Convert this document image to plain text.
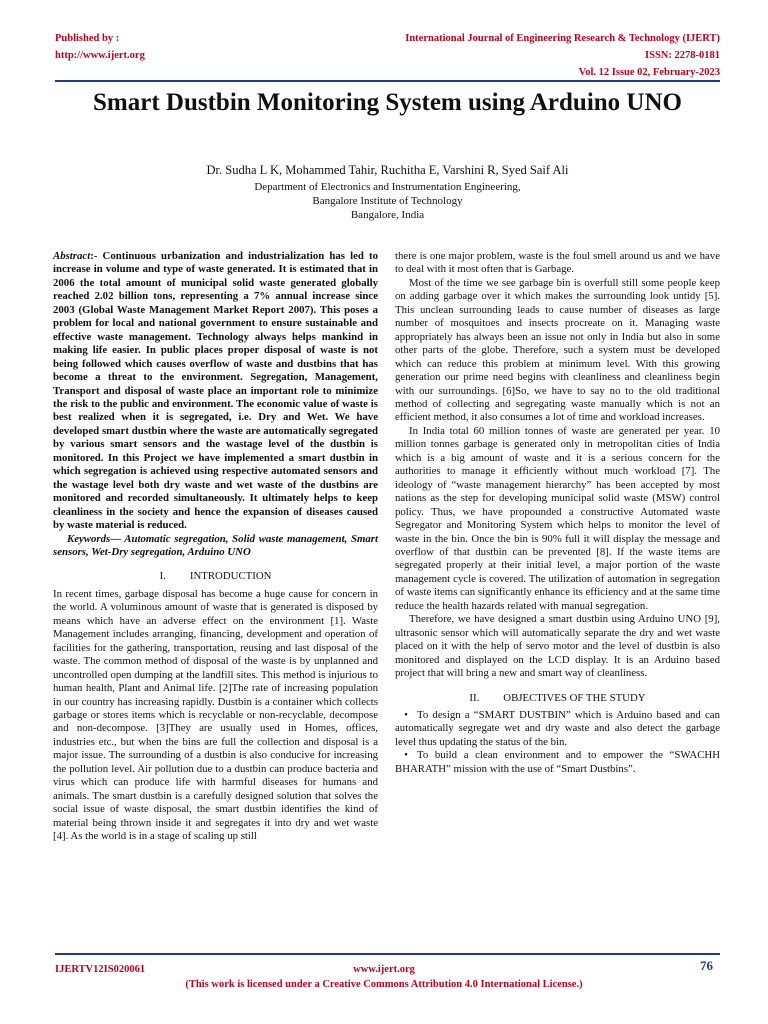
Published by :
http://www.ijert.org
International Journal of Engineering Research & Technology (IJERT)
ISSN: 2278-0181
Vol. 12 Issue 02, February-2023
Smart Dustbin Monitoring System using Arduino UNO
Dr. Sudha L K, Mohammed Tahir, Ruchitha E, Varshini R, Syed Saif Ali
Department of Electronics and Instrumentation Engineering,
Bangalore Institute of Technology
Bangalore, India

Abstract:- Continuous urbanization and industrialization has led to increase in volume and type of waste generated. It is estimated that in 2006 the total amount of municipal solid waste generated globally reached 2.02 billion tons, representing a 7% annual increase since 2003 (Global Waste Management Market Report 2007). This poses a problem for local and national government to ensure sustainable and effective waste management. Technology always helps mankind in making life easier. In public places proper disposal of waste is not being followed which causes overflow of waste and dustbins that has become a threat to the environment. Segregation, Management, Transport and disposal of waste place an important role to minimize the risk to the public and environment. The economic value of waste is best realized when it is segregated, i.e. Dry and Wet. We have developed smart dustbin where the waste are automatically segregated by various smart sensors and the wastage level of the dustbin is monitored. In this Project we have implemented a smart dustbin in which segregation is achieved using respective automated sensors and the wastage level both dry waste and wet waste of the dustbins are monitored and recorded simultaneously. It ultimately helps to keep cleanliness in the society and hence the expansion of diseases caused by waste material is reduced.

Keywords— Automatic segregation, Solid waste management, Smart sensors, Wet-Dry segregation, Arduino UNO

I. INTRODUCTION

In recent times, garbage disposal has become a huge cause for concern in the world. A voluminous amount of waste that is generated is disposed by means which have an adverse effect on the environment [1]. Waste Management includes arranging, financing, development and operation of facilities for the gathering, transportation, reusing and last disposal of the waste. The common method of disposal of the waste is by unplanned and uncontrolled open dumping at the landfill sites. This method is injurious to human health, Plant and Animal life. [2]The rate of increasing population in our country has increasing rapidly. Dustbin is a container which collects garbage or stores items which is recyclable or non-recyclable, decompose and non-decompose. [3]They are usually used in Homes, offices, industries etc., but when the bins are full the collection and disposal is a major issue. The surrounding of a dustbin is also conducive for increasing the pollution level. Air pollution due to a dustbin can produce bacteria and virus which can produce life with harmful diseases for humans and animals. The smart dustbin is a carefully designed solution that solves the social issue of waste disposal, the smart dustbin identifies the kind of material being thrown inside it and segregates it into dry and wet waste [4]. As the world is in a stage of scaling up still

there is one major problem, waste is the foul smell around us and we have to deal with it most often that is Garbage.

Most of the time we see garbage bin is overfull still some people keep on adding garbage over it which makes the surrounding look untidy [5]. This unclean surrounding leads to cause number of diseases as large number of mosquitoes and insects procreate on it. Managing waste appropriately has always been an issue not only in India but also in some other parts of the globe. Therefore, such a system must be developed which can reduce this problem at minimum level. With this growing generation our prime need begins with cleanliness and cleanliness begin with our surroundings. [6]So, we have to say no to the old traditional method of collecting and segregating waste manually which is not an efficient method, it also consumes a lot of time and workload increases.

In India total 60 million tonnes of waste are generated per year. 10 million tonnes garbage is generated only in metropolitan cities of India which is a big amount of waste and it is a serious concern for the authorities to manage it efficiently without much workload [7]. The ideology of “waste management hierarchy” has been accepted by most nations as the step for developing municipal solid waste (MSW) control policy. Thus, we have propounded a constructive Automated waste Segregator and Monitoring System which helps to monitor the level of waste in the bin. Once the bin is 90% full it will display the message and overflow of that dustbin can be prevented [8]. If the waste items are segregated properly at their initial level, a major portion of the waste management cycle is covered. The utilization of automation in segregation of waste items can significantly enhance its efficiency and at the same time reduce the health hazards related with manual segregation.

Therefore, we have designed a smart dustbin using Arduino UNO [9], ultrasonic sensor which will automatically separate the dry and wet waste placed on it with the help of servo motor and the level of dustbin is also monitored and displayed on the LCD display. It is an Arduino based project that will bring a new and smart way of cleanliness.

II. OBJECTIVES OF THE STUDY

• To design a “SMART DUSTBIN” which is Arduino based and can automatically segregate wet and dry waste and also detect the garbage level thus updating the status of the bin.
• To build a clean environment and to empower the “SWACHH BHARATH” mission with the use of “Smart Dustbins”.
IJERTV12IS020061	www.ijert.org	76
(This work is licensed under a Creative Commons Attribution 4.0 International License.)
